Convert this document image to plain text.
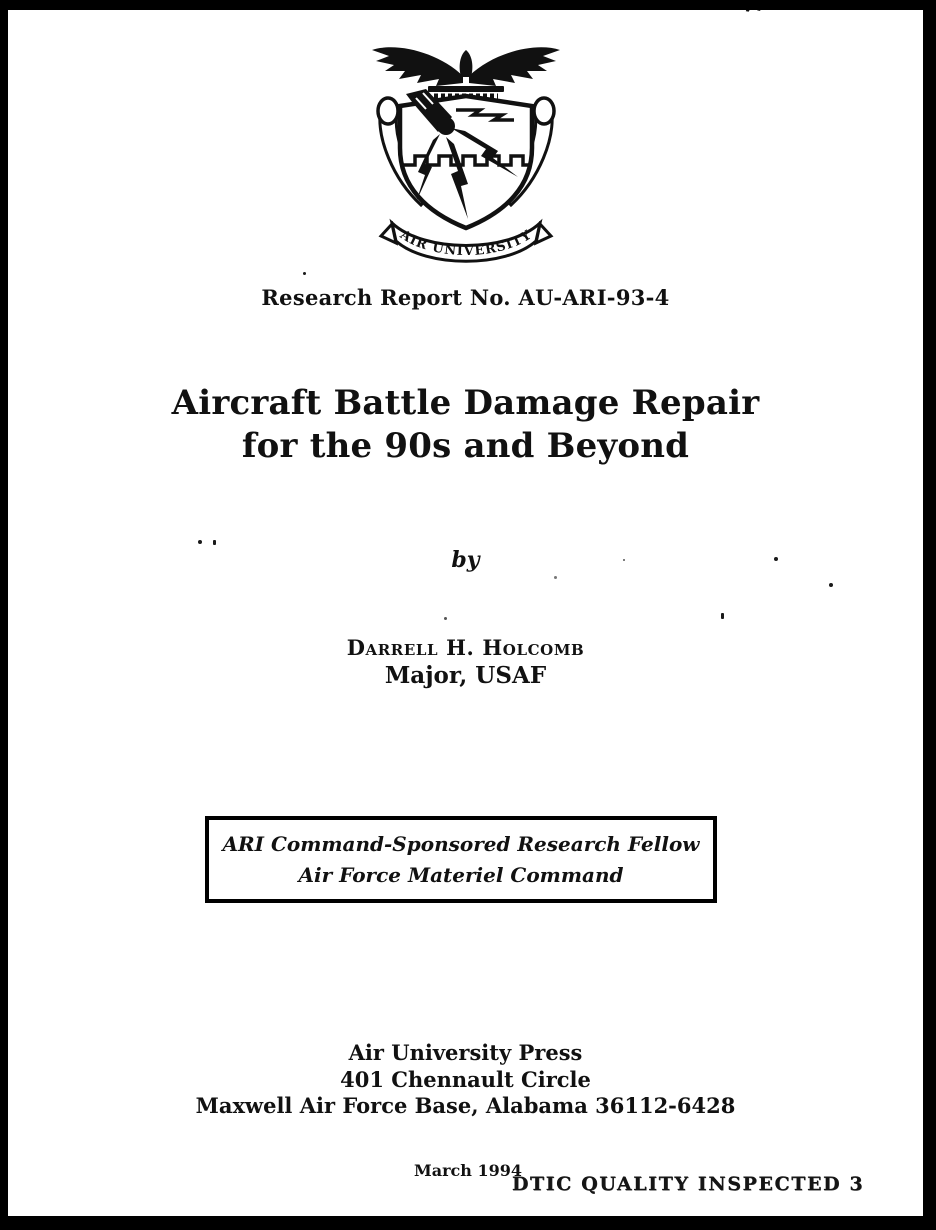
AIR UNIVERSITY
Research Report No. AU-ARI-93-4
Aircraft Battle Damage Repair
for the 90s and Beyond
by
Darrell H. Holcomb
Major, USAF
ARI Command-Sponsored Research Fellow
Air Force Materiel Command
Air University Press
401 Chennault Circle
Maxwell Air Force Base, Alabama 36112-6428
March 1994
DTIC QUALITY INSPECTED 3
